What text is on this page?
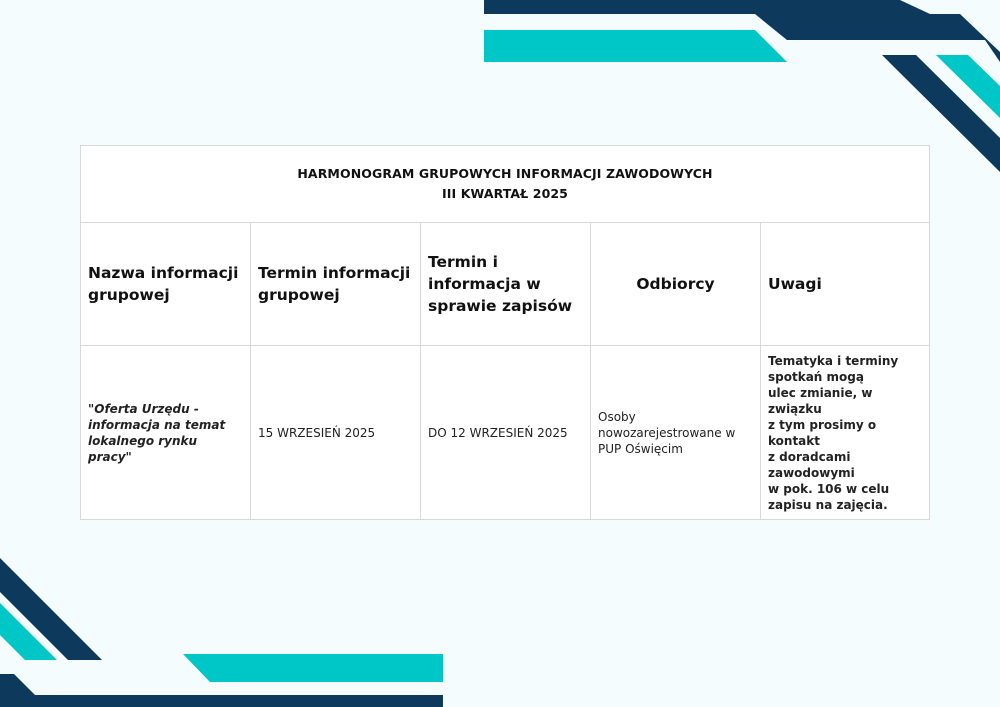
HARMONOGRAM GRUPOWYCH INFORMACJI ZAWODOWYCH
III KWARTAŁ 2025
Nazwa informacji grupowej
Termin informacji grupowej
Termin i informacja w sprawie zapisów
Odbiorcy	Uwagi
"Oferta Urzędu - informacja na temat lokalnego rynku pracy"
15 WRZESIEŃ 2025	DO 12 WRZESIEŃ 2025
Osoby nowozarejestrowane w PUP Oświęcim
Tematyka i terminy
spotkań mogą
ulec zmianie, w związku
z tym prosimy o kontakt
z doradcami zawodowymi
w pok. 106 w celu
zapisu na zajęcia.
